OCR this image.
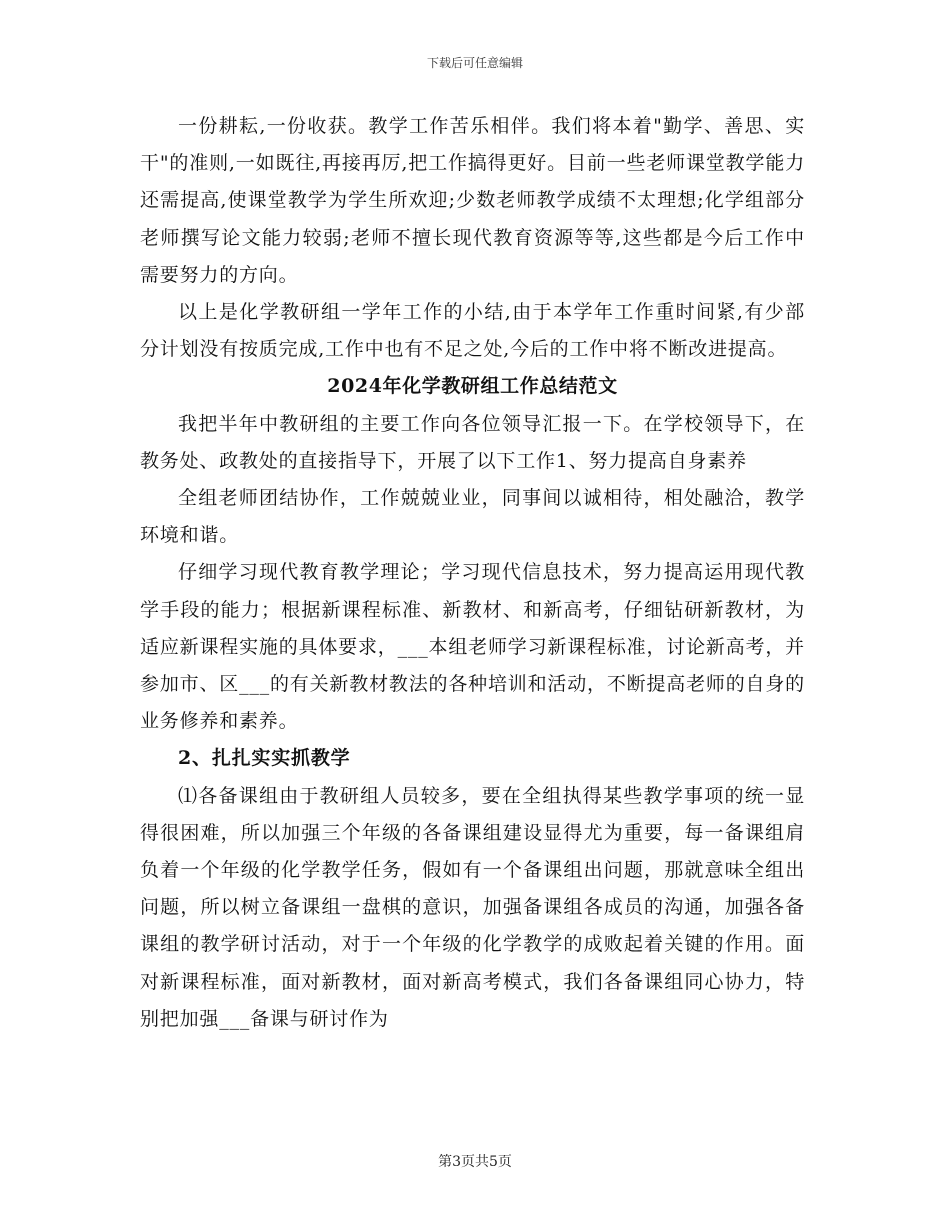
下载后可任意编辑

一份耕耘,一份收获。教学工作苦乐相伴。我们将本着"勤学、善思、实干"的准则,一如既往,再接再厉,把工作搞得更好。目前一些老师课堂教学能力还需提高,使课堂教学为学生所欢迎;少数老师教学成绩不太理想;化学组部分老师撰写论文能力较弱;老师不擅长现代教育资源等等,这些都是今后工作中需要努力的方向。

以上是化学教研组一学年工作的小结,由于本学年工作重时间紧,有少部分计划没有按质完成,工作中也有不足之处,今后的工作中将不断改进提高。

2024年化学教研组工作总结范文

我把半年中教研组的主要工作向各位领导汇报一下。在学校领导下，在教务处、政教处的直接指导下，开展了以下工作1、努力提高自身素养

全组老师团结协作，工作兢兢业业，同事间以诚相待，相处融洽，教学环境和谐。

仔细学习现代教育教学理论；学习现代信息技术，努力提高运用现代教学手段的能力；根据新课程标准、新教材、和新高考，仔细钻研新教材，为适应新课程实施的具体要求，___本组老师学习新课程标准，讨论新高考，并参加市、区___的有关新教材教法的各种培训和活动，不断提高老师的自身的业务修养和素养。

2、扎扎实实抓教学

⑴各备课组由于教研组人员较多，要在全组执得某些教学事项的统一显得很困难，所以加强三个年级的各备课组建设显得尤为重要，每一备课组肩负着一个年级的化学教学任务，假如有一个备课组出问题，那就意味全组出问题，所以树立备课组一盘棋的意识，加强备课组各成员的沟通，加强各备课组的教学研讨活动，对于一个年级的化学教学的成败起着关键的作用。面对新课程标准，面对新教材，面对新高考模式，我们各备课组同心协力，特别把加强___备课与研讨作为

第3页共5页
